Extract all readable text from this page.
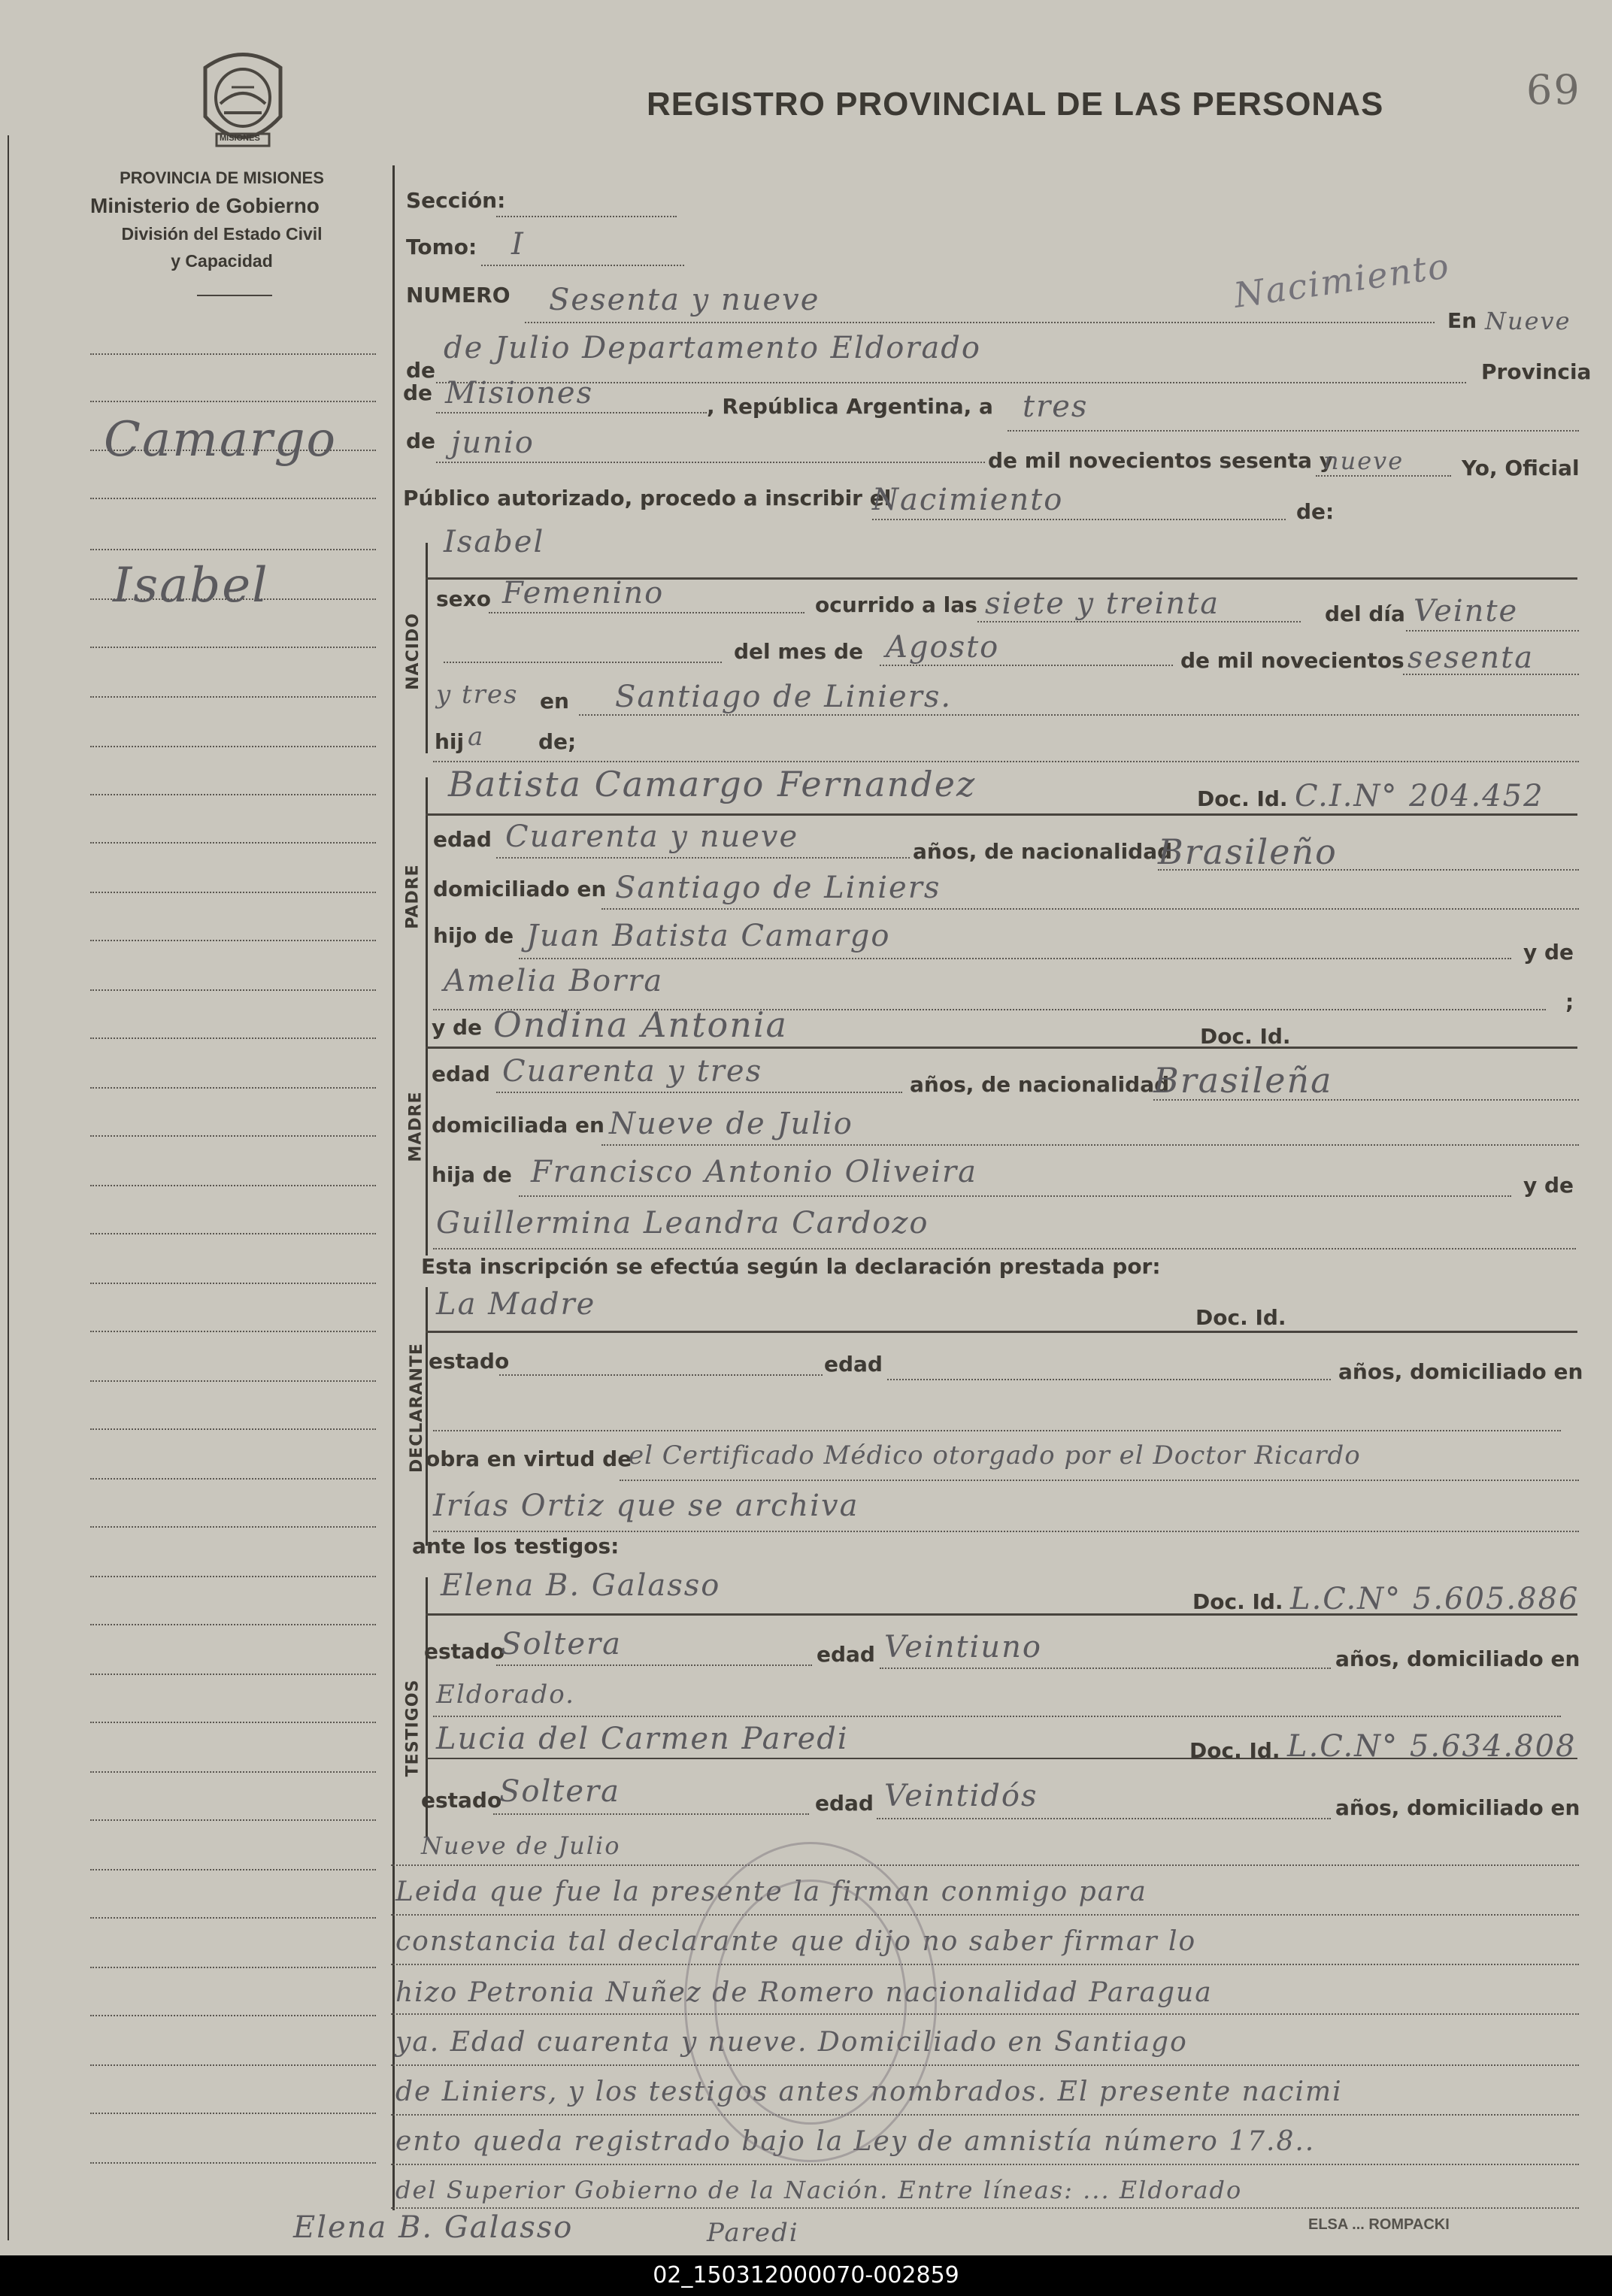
69
MISIONES
PROVINCIA DE MISIONES
Ministerio de Gobierno
División del Estado Civil
y Capacidad
REGISTRO PROVINCIAL DE LAS PERSONAS
Camargo
Isabel
NACIDO
PADRE
MADRE
DECLARANTE
TESTIGOS
Sección:
Tomo: I
NUMERO Sesenta y nueve	Nacimiento
En Nueve
de
de Julio Departamento Eldorado
Provincia
de Misiones	, República Argentina, a tres
de junio
de mil novecientos sesenta y
nueve	Yo, Oficial
Público autorizado, procedo a inscribir el
Nacimiento	de:
Isabel
sexo Femenino	ocurrido a las siete y treinta	del día Veinte
del mes de Agosto	de mil novecientos sesenta
y tres en Santiago de Liniers.
hij a	de;
Batista Camargo Fernandez	Doc. Id. C.I.N° 204.452
edad Cuarenta y nueve	años, de nacionalidad
Brasileño
domiciliado en Santiago de Liniers
hijo de Juan Batista Camargo	y de
Amelia Borra
;
y de Ondina Antonia	Doc. Id.
edad Cuarenta y tres	años, de nacionalidad
Brasileña
domiciliada en Nueve de Julio
hija de Francisco Antonio Oliveira	y de
Guillermina Leandra Cardozo
Esta inscripción se efectúa según la declaración prestada por:
La Madre	Doc. Id.
estado	edad	años, domiciliado en
obra en virtud de
el Certificado Médico otorgado por el Doctor Ricardo
Irías Ortiz que se archiva
ante los testigos:
Elena B. Galasso	Doc. Id. L.C.N° 5.605.886
estado
Soltera	edad Veintiuno	años, domiciliado en
Eldorado.
Lucia del Carmen Paredi	Doc. Id. L.C.N° 5.634.808
estado
Soltera	edad Veintidós	años, domiciliado en
Nueve de Julio
Leida que fue la presente la firman conmigo para
constancia tal declarante que dijo no saber firmar lo
hizo Petronia Nuñez de Romero nacionalidad Paragua
ya. Edad cuarenta y nueve. Domiciliado en Santiago
de Liniers, y los testigos antes nombrados. El presente nacimi
ento queda registrado bajo la Ley de amnistía número 17.8..
del Superior Gobierno de la Nación. Entre líneas: ... Eldorado
Elena B. Galasso	Paredi	ELSA ... ROMPACKI
02_150312000070-002859
